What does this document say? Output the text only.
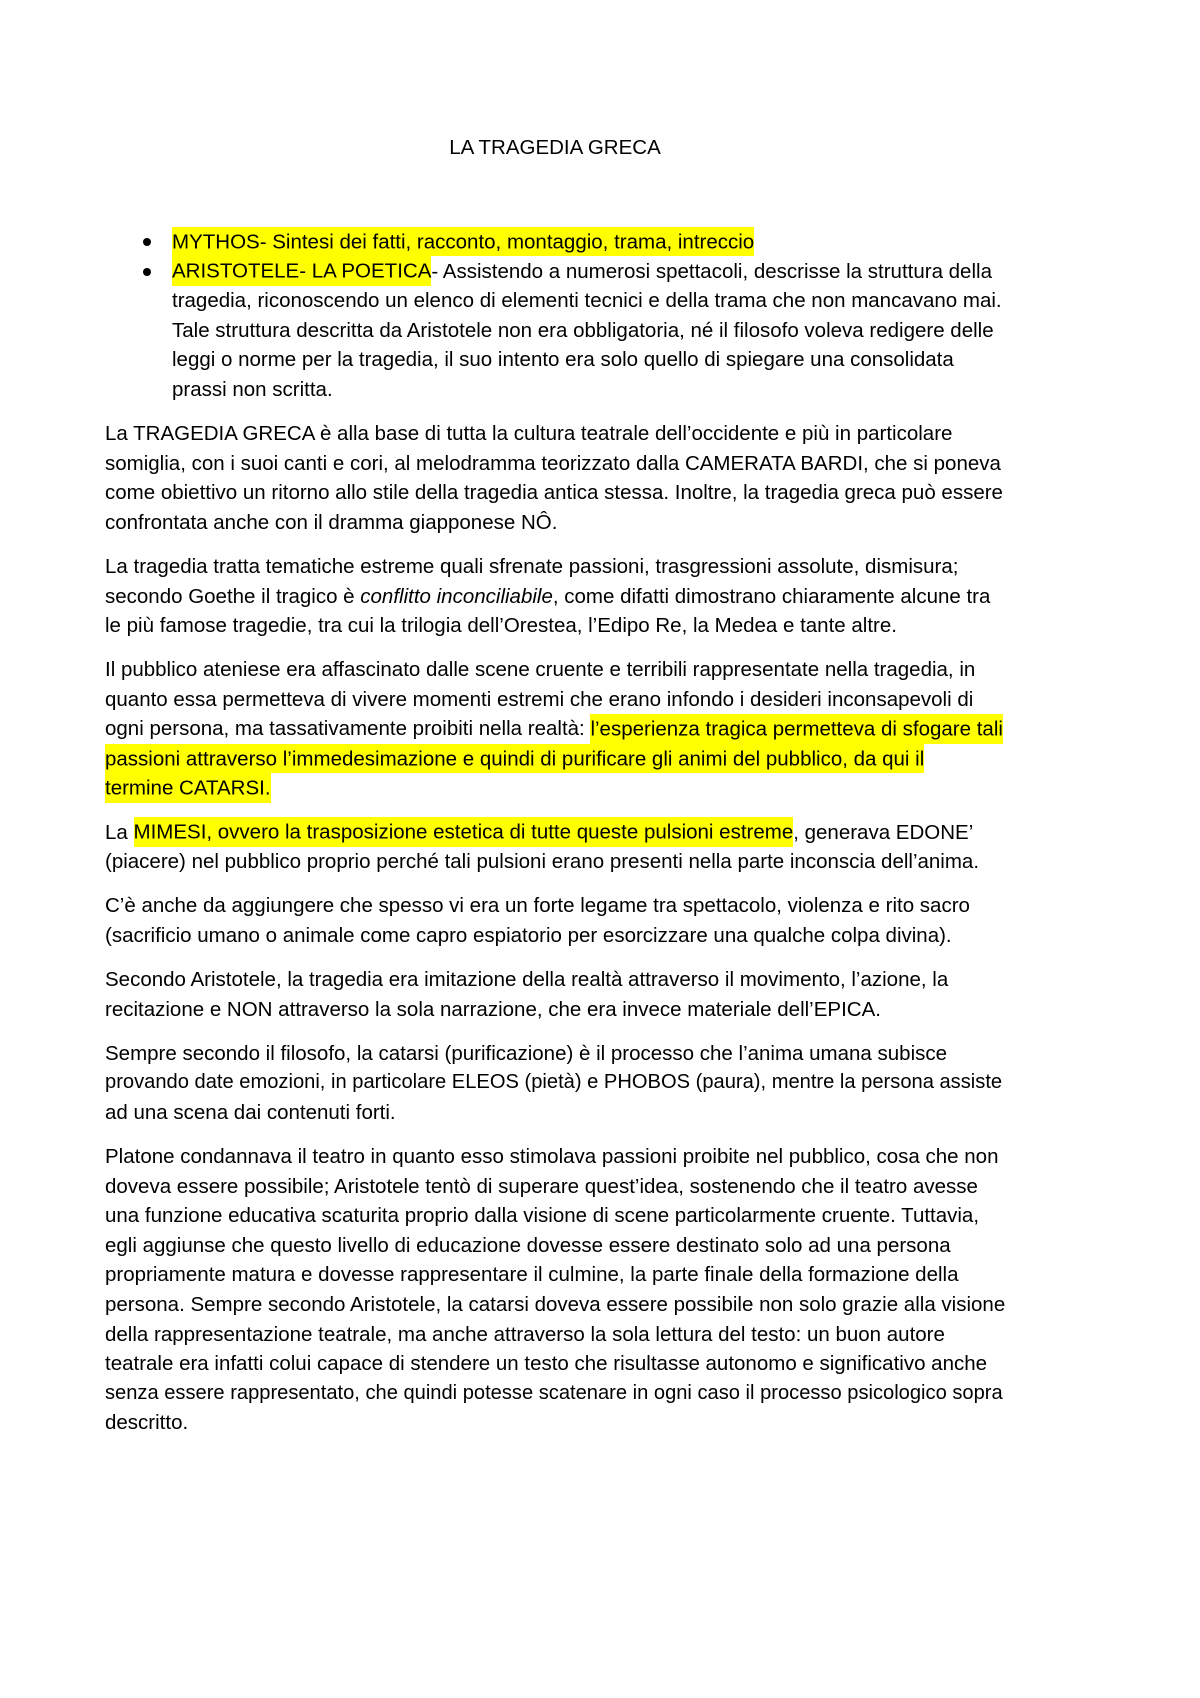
LA TRAGEDIA GRECA
MYTHOS- Sintesi dei fatti, racconto, montaggio, trama, intreccio
ARISTOTELE- LA POETICA- Assistendo a numerosi spettacoli, descrisse la struttura della
tragedia, riconoscendo un elenco di elementi tecnici e della trama che non mancavano mai.
Tale struttura descritta da Aristotele non era obbligatoria, né il filosofo voleva redigere delle
leggi o norme per la tragedia, il suo intento era solo quello di spiegare una consolidata
prassi non scritta.
La TRAGEDIA GRECA è alla base di tutta la cultura teatrale dell’occidente e più in particolare
somiglia, con i suoi canti e cori, al melodramma teorizzato dalla CAMERATA BARDI, che si poneva
come obiettivo un ritorno allo stile della tragedia antica stessa. Inoltre, la tragedia greca può essere
confrontata anche con il dramma giapponese NÔ.
La tragedia tratta tematiche estreme quali sfrenate passioni, trasgressioni assolute, dismisura;
secondo Goethe il tragico è conflitto inconciliabile, come difatti dimostrano chiaramente alcune tra
le più famose tragedie, tra cui la trilogia dell’Orestea, l’Edipo Re, la Medea e tante altre.
Il pubblico ateniese era affascinato dalle scene cruente e terribili rappresentate nella tragedia, in
quanto essa permetteva di vivere momenti estremi che erano infondo i desideri inconsapevoli di
ogni persona, ma tassativamente proibiti nella realtà: l’esperienza tragica permetteva di sfogare tali
passioni attraverso l’immedesimazione e quindi di purificare gli animi del pubblico, da qui il
termine CATARSI.
La MIMESI, ovvero la trasposizione estetica di tutte queste pulsioni estreme, generava EDONE’
(piacere) nel pubblico proprio perché tali pulsioni erano presenti nella parte inconscia dell’anima.
C’è anche da aggiungere che spesso vi era un forte legame tra spettacolo, violenza e rito sacro
(sacrificio umano o animale come capro espiatorio per esorcizzare una qualche colpa divina).
Secondo Aristotele, la tragedia era imitazione della realtà attraverso il movimento, l’azione, la
recitazione e NON attraverso la sola narrazione, che era invece materiale dell’EPICA.
Sempre secondo il filosofo, la catarsi (purificazione) è il processo che l’anima umana subisce
provando date emozioni, in particolare ELEOS (pietà) e PHOBOS (paura), mentre la persona assiste
ad una scena dai contenuti forti.
Platone condannava il teatro in quanto esso stimolava passioni proibite nel pubblico, cosa che non
doveva essere possibile; Aristotele tentò di superare quest’idea, sostenendo che il teatro avesse
una funzione educativa scaturita proprio dalla visione di scene particolarmente cruente. Tuttavia,
egli aggiunse che questo livello di educazione dovesse essere destinato solo ad una persona
propriamente matura e dovesse rappresentare il culmine, la parte finale della formazione della
persona. Sempre secondo Aristotele, la catarsi doveva essere possibile non solo grazie alla visione
della rappresentazione teatrale, ma anche attraverso la sola lettura del testo: un buon autore
teatrale era infatti colui capace di stendere un testo che risultasse autonomo e significativo anche
senza essere rappresentato, che quindi potesse scatenare in ogni caso il processo psicologico sopra
descritto.
